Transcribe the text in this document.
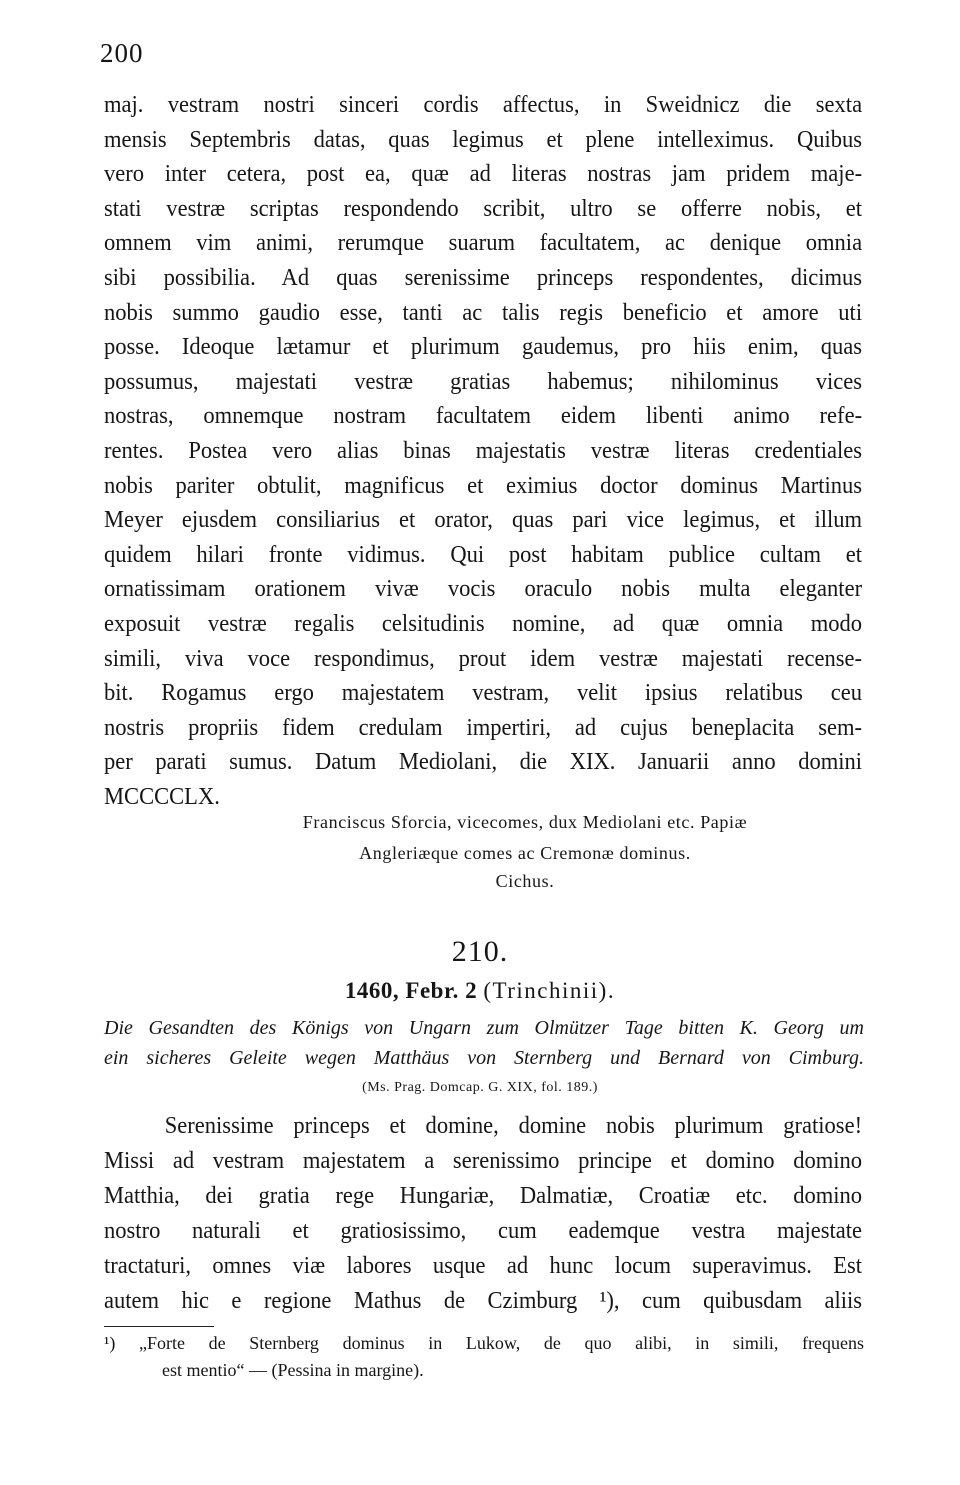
200
maj. vestram nostri sinceri cordis affectus, in Sweidnicz die sexta
mensis Septembris datas, quas legimus et plene intelleximus. Quibus
vero inter cetera, post ea, quæ ad literas nostras jam pridem maje-
stati vestræ scriptas respondendo scribit, ultro se offerre nobis, et
omnem vim animi, rerumque suarum facultatem, ac denique omnia
sibi possibilia. Ad quas serenissime princeps respondentes, dicimus
nobis summo gaudio esse, tanti ac talis regis beneficio et amore uti
posse. Ideoque lætamur et plurimum gaudemus, pro hiis enim, quas
possumus, majestati vestræ gratias habemus; nihilominus vices
nostras, omnemque nostram facultatem eidem libenti animo refe-
rentes. Postea vero alias binas majestatis vestræ literas credentiales
nobis pariter obtulit, magnificus et eximius doctor dominus Martinus
Meyer ejusdem consiliarius et orator, quas pari vice legimus, et illum
quidem hilari fronte vidimus. Qui post habitam publice cultam et
ornatissimam orationem vivæ vocis oraculo nobis multa eleganter
exposuit vestræ regalis celsitudinis nomine, ad quæ omnia modo
simili, viva voce respondimus, prout idem vestræ majestati recense-
bit. Rogamus ergo majestatem vestram, velit ipsius relatibus ceu
nostris propriis fidem credulam impertiri, ad cujus beneplacita sem-
per parati sumus. Datum Mediolani, die XIX. Januarii anno domini
MCCCCLX.
Franciscus Sforcia, vicecomes, dux Mediolani etc. Papiæ
Angleriæque comes ac Cremonæ dominus.
Cichus.
210.
1460, Febr. 2 (Trinchinii).
Die Gesandten des Königs von Ungarn zum Olmützer Tage bitten K. Georg um
ein sicheres Geleite wegen Matthäus von Sternberg und Bernard von Cimburg.
(Ms. Prag. Domcap. G. XIX, fol. 189.)
Serenissime princeps et domine, domine nobis plurimum gratiose!
Missi ad vestram majestatem a serenissimo principe et domino domino
Matthia, dei gratia rege Hungariæ, Dalmatiæ, Croatiæ etc. domino
nostro naturali et gratiosissimo, cum eademque vestra majestate
tractaturi, omnes viæ labores usque ad hunc locum superavimus. Est
autem hic e regione Mathus de Czimburg ¹), cum quibusdam aliis
¹) „Forte de Sternberg dominus in Lukow, de quo alibi, in simili, frequens
est mentio“ — (Pessina in margine).
